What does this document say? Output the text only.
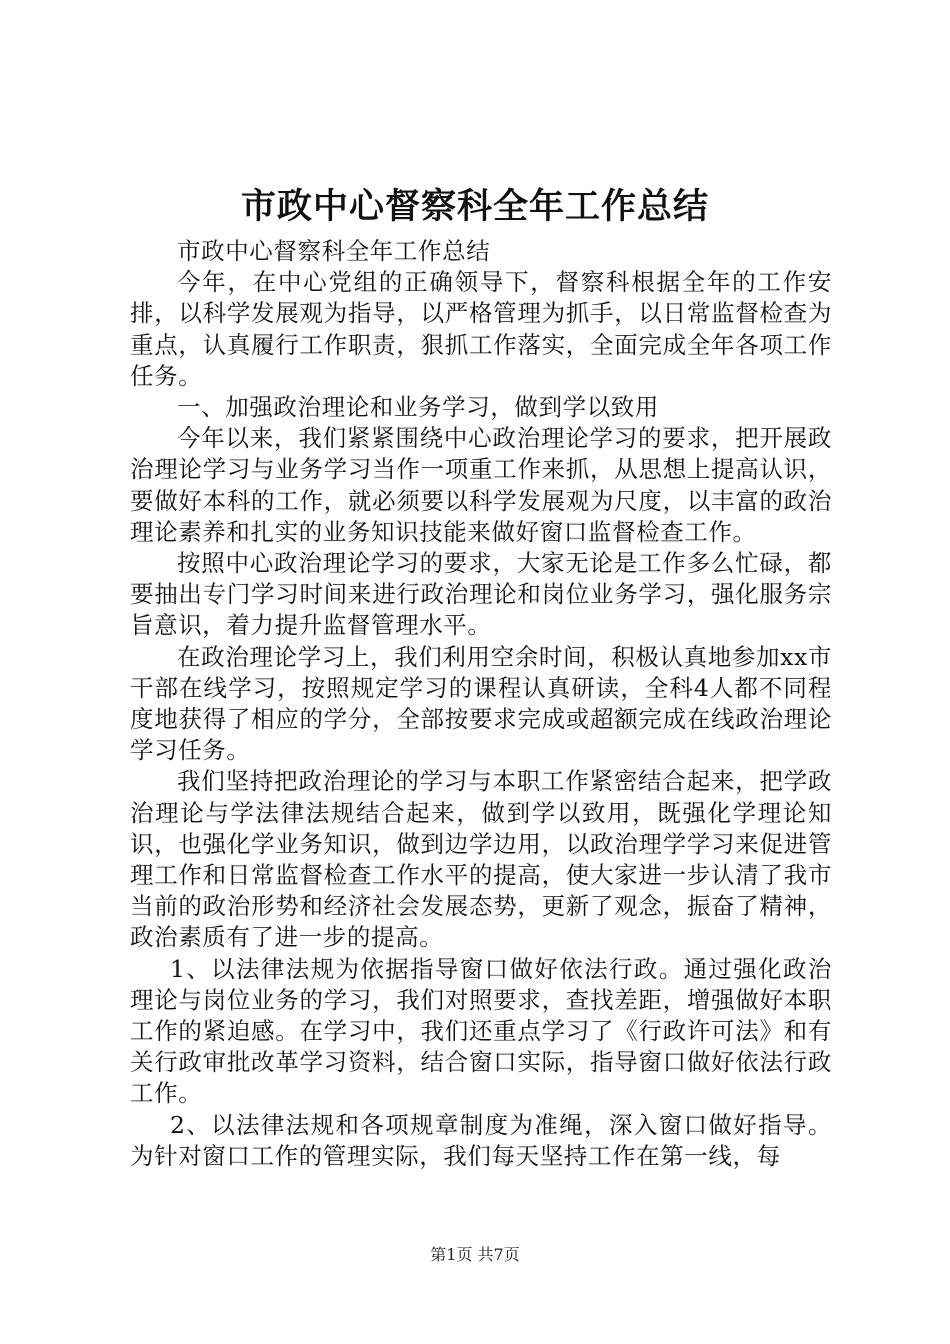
市政中心督察科全年工作总结

市政中心督察科全年工作总结

今年，在中心党组的正确领导下，督察科根据全年的工作安排，以科学发展观为指导，以严格管理为抓手，以日常监督检查为重点，认真履行工作职责，狠抓工作落实，全面完成全年各项工作任务。

一、加强政治理论和业务学习，做到学以致用

今年以来，我们紧紧围绕中心政治理论学习的要求，把开展政治理论学习与业务学习当作一项重工作来抓，从思想上提高认识，要做好本科的工作，就必须要以科学发展观为尺度，以丰富的政治理论素养和扎实的业务知识技能来做好窗口监督检查工作。

按照中心政治理论学习的要求，大家无论是工作多么忙碌，都要抽出专门学习时间来进行政治理论和岗位业务学习，强化服务宗旨意识，着力提升监督管理水平。

在政治理论学习上，我们利用空余时间，积极认真地参加xx市干部在线学习，按照规定学习的课程认真研读，全科4人都不同程度地获得了相应的学分，全部按要求完成或超额完成在线政治理论学习任务。

我们坚持把政治理论的学习与本职工作紧密结合起来，把学政治理论与学法律法规结合起来，做到学以致用，既强化学理论知识，也强化学业务知识，做到边学边用，以政治理学学习来促进管理工作和日常监督检查工作水平的提高，使大家进一步认清了我市当前的政治形势和经济社会发展态势，更新了观念，振奋了精神，政治素质有了进一步的提高。

1、以法律法规为依据指导窗口做好依法行政。通过强化政治理论与岗位业务的学习，我们对照要求，查找差距，增强做好本职工作的紧迫感。在学习中，我们还重点学习了《行政许可法》和有关行政审批改革学习资料，结合窗口实际，指导窗口做好依法行政工作。

2、以法律法规和各项规章制度为准绳，深入窗口做好指导。为针对窗口工作的管理实际，我们每天坚持工作在第一线，每

第1页 共7页
